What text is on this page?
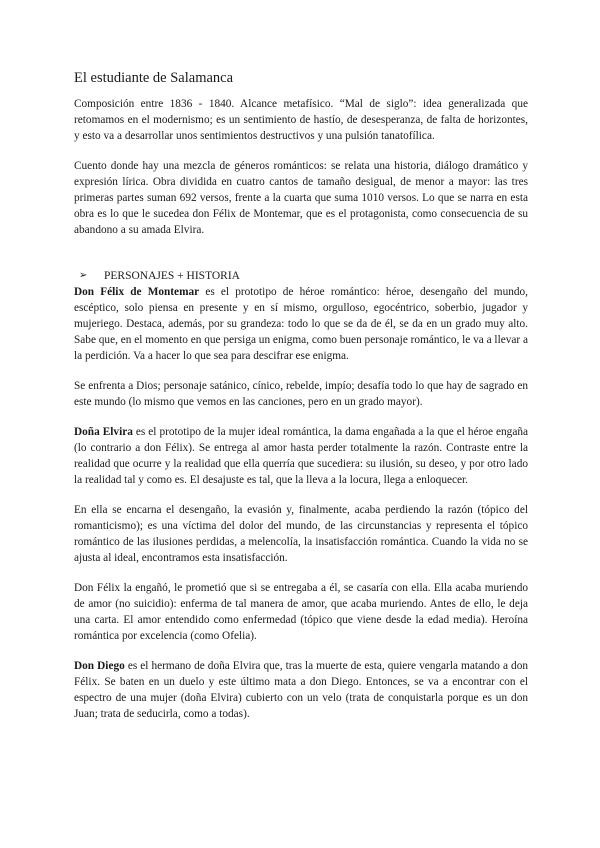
El estudiante de Salamanca

Composición entre 1836 - 1840. Alcance metafísico. “Mal de siglo”: idea generalizada que retomamos en el modernismo; es un sentimiento de hastío, de desesperanza, de falta de horizontes, y esto va a desarrollar unos sentimientos destructivos y una pulsión tanatofílica.

Cuento donde hay una mezcla de géneros románticos: se relata una historia, diálogo dramático y expresión lírica. Obra dividida en cuatro cantos de tamaño desigual, de menor a mayor: las tres primeras partes suman 692 versos, frente a la cuarta que suma 1010 versos. Lo que se narra en esta obra es lo que le sucedea don Félix de Montemar, que es el protagonista, como consecuencia de su abandono a su amada Elvira.

➢	PERSONAJES + HISTORIA

Don Félix de Montemar es el prototipo de héroe romántico: héroe, desengaño del mundo, escéptico, solo piensa en presente y en sí mismo, orgulloso, egocéntrico, soberbio, jugador y mujeriego. Destaca, además, por su grandeza: todo lo que se da de él, se da en un grado muy alto. Sabe que, en el momento en que persiga un enigma, como buen personaje romántico, le va a llevar a la perdición. Va a hacer lo que sea para descifrar ese enigma.

Se enfrenta a Dios; personaje satánico, cínico, rebelde, impío; desafía todo lo que hay de sagrado en este mundo (lo mismo que vemos en las canciones, pero en un grado mayor).

Doña Elvira es el prototipo de la mujer ideal romántica, la dama engañada a la que el héroe engaña (lo contrario a don Félix). Se entrega al amor hasta perder totalmente la razón. Contraste entre la realidad que ocurre y la realidad que ella querría que sucediera: su ilusión, su deseo, y por otro lado la realidad tal y como es. El desajuste es tal, que la lleva a la locura, llega a enloquecer.

En ella se encarna el desengaño, la evasión y, finalmente, acaba perdiendo la razón (tópico del romanticismo); es una víctima del dolor del mundo, de las circunstancias y representa el tópico romántico de las ilusiones perdidas, a melencolía, la insatisfacción romántica. Cuando la vida no se ajusta al ideal, encontramos esta insatisfacción.

Don Félix la engañó, le prometió que si se entregaba a él, se casaría con ella. Ella acaba muriendo de amor (no suicidio): enferma de tal manera de amor, que acaba muriendo. Antes de ello, le deja una carta. El amor entendido como enfermedad (tópico que viene desde la edad media). Heroína romántica por excelencia (como Ofelia).

Don Diego es el hermano de doña Elvira que, tras la muerte de esta, quiere vengarla matando a don Félix. Se baten en un duelo y este último mata a don Diego. Entonces, se va a encontrar con el espectro de una mujer (doña Elvira) cubierto con un velo (trata de conquistarla porque es un don Juan; trata de seducirla, como a todas).
